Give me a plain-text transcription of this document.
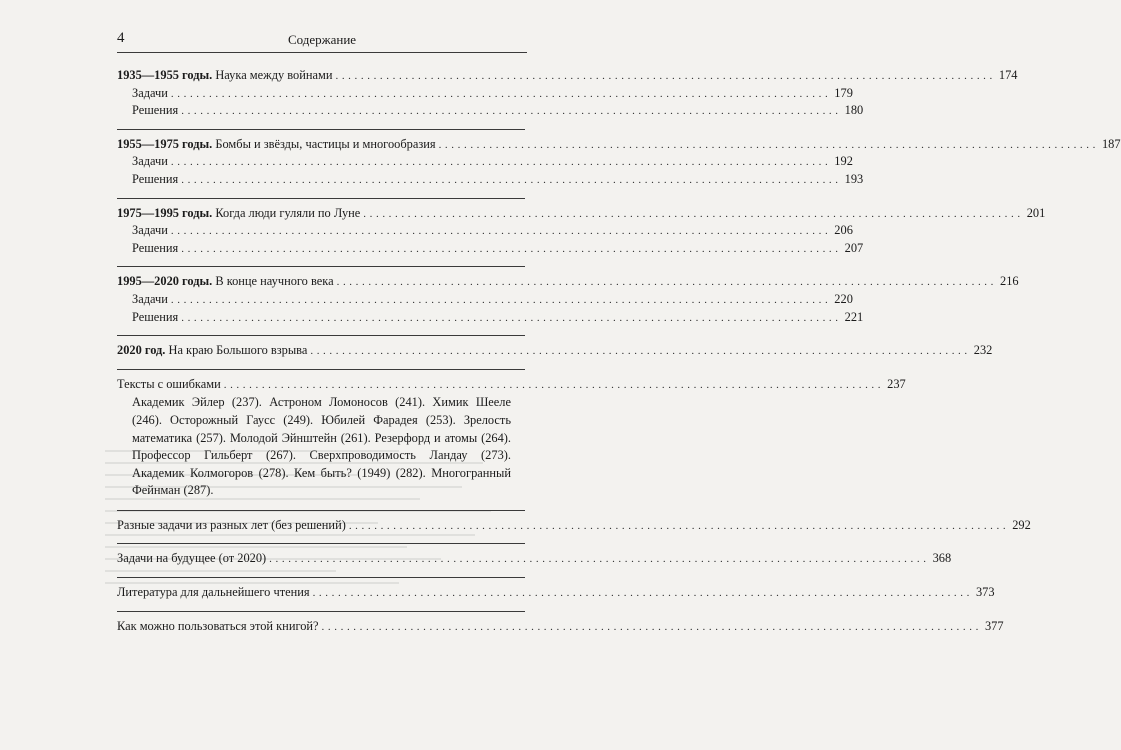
4	Содержание
1935—1955 годы. Наука между войнами ........................................................................................................ 174
Задачи ........................................................................................................ 179
Решения ........................................................................................................ 180
1955—1975 годы. Бомбы и звёзды, частицы и многообразия ........................................................................................................ 187
Задачи ........................................................................................................ 192
Решения ........................................................................................................ 193
1975—1995 годы. Когда люди гуляли по Луне ........................................................................................................ 201
Задачи ........................................................................................................ 206
Решения ........................................................................................................ 207
1995—2020 годы. В конце научного века ........................................................................................................ 216
Задачи ........................................................................................................ 220
Решения ........................................................................................................ 221
2020 год. На краю Большого взрыва ........................................................................................................ 232
Тексты с ошибками ........................................................................................................ 237
Академик Эйлер (237). Астроном Ломоносов (241). Химик Шееле (246). Осторожный Гаусс (249). Юбилей Фарадея (253). Зрелость математика (257). Молодой Эйнштейн (261). Резерфорд и атомы (264). Профессор Гильберт (267). Сверхпроводимость Ландау (273). Академик Колмогоров (278). Кем быть? (1949) (282). Многогранный Фейнман (287).
Разные задачи из разных лет (без решений) ........................................................................................................ 292
Задачи на будущее (от 2020) ........................................................................................................ 368
Литература для дальнейшего чтения ........................................................................................................ 373
Как можно пользоваться этой книгой? ........................................................................................................ 377
